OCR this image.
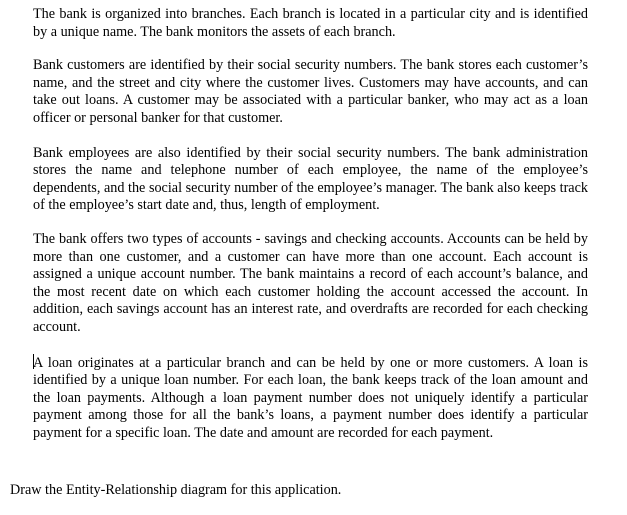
The bank is organized into branches. Each branch is located in a particular city and is identified by a unique name. The bank monitors the assets of each branch.

Bank customers are identified by their social security numbers. The bank stores each customer’s name, and the street and city where the customer lives. Customers may have accounts, and can take out loans. A customer may be associated with a particular banker, who may act as a loan officer or personal banker for that customer.

Bank employees are also identified by their social security numbers. The bank administration stores the name and telephone number of each employee, the name of the employee’s dependents, and the social security number of the employee’s manager. The bank also keeps track of the employee’s start date and, thus, length of employment.

The bank offers two types of accounts - savings and checking accounts. Accounts can be held by more than one customer, and a customer can have more than one account. Each account is assigned a unique account number. The bank maintains a record of each account’s balance, and the most recent date on which each customer holding the account accessed the account. In addition, each savings account has an interest rate, and overdrafts are recorded for each checking account.

A loan originates at a particular branch and can be held by one or more customers. A loan is identified by a unique loan number. For each loan, the bank keeps track of the loan amount and the loan payments. Although a loan payment number does not uniquely identify a particular payment among those for all the bank’s loans, a payment number does identify a particular payment for a specific loan. The date and amount are recorded for each payment.

Draw the Entity-Relationship diagram for this application.
